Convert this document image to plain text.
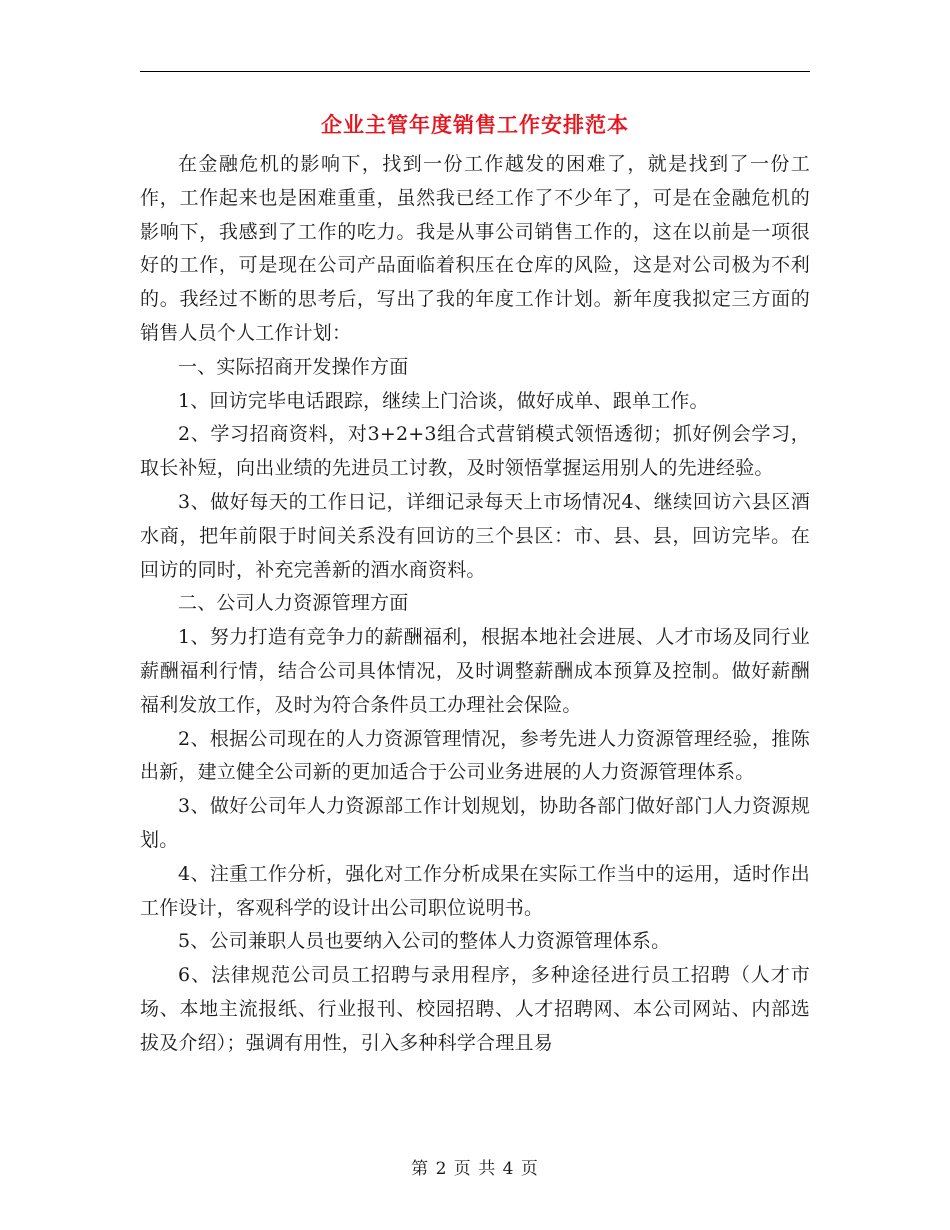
企业主管年度销售工作安排范本

在金融危机的影响下，找到一份工作越发的困难了，就是找到了一份工作，工作起来也是困难重重，虽然我已经工作了不少年了，可是在金融危机的影响下，我感到了工作的吃力。我是从事公司销售工作的，这在以前是一项很好的工作，可是现在公司产品面临着积压在仓库的风险，这是对公司极为不利的。我经过不断的思考后，写出了我的年度工作计划。新年度我拟定三方面的销售人员个人工作计划：

一、实际招商开发操作方面

1、回访完毕电话跟踪，继续上门洽谈，做好成单、跟单工作。

2、学习招商资料，对3+2+3组合式营销模式领悟透彻；抓好例会学习，取长补短，向出业绩的先进员工讨教，及时领悟掌握运用别人的先进经验。

3、做好每天的工作日记，详细记录每天上市场情况4、继续回访六县区酒水商，把年前限于时间关系没有回访的三个县区：市、县、县，回访完毕。在回访的同时，补充完善新的酒水商资料。

二、公司人力资源管理方面

1、努力打造有竞争力的薪酬福利，根据本地社会进展、人才市场及同行业薪酬福利行情，结合公司具体情况，及时调整薪酬成本预算及控制。做好薪酬福利发放工作，及时为符合条件员工办理社会保险。

2、根据公司现在的人力资源管理情况，参考先进人力资源管理经验，推陈出新，建立健全公司新的更加适合于公司业务进展的人力资源管理体系。

3、做好公司年人力资源部工作计划规划，协助各部门做好部门人力资源规划。

4、注重工作分析，强化对工作分析成果在实际工作当中的运用，适时作出工作设计，客观科学的设计出公司职位说明书。

5、公司兼职人员也要纳入公司的整体人力资源管理体系。

6、法律规范公司员工招聘与录用程序，多种途径进行员工招聘（人才市场、本地主流报纸、行业报刊、校园招聘、人才招聘网、本公司网站、内部选拔及介绍）；强调有用性，引入多种科学合理且易

第 2 页 共 4 页
